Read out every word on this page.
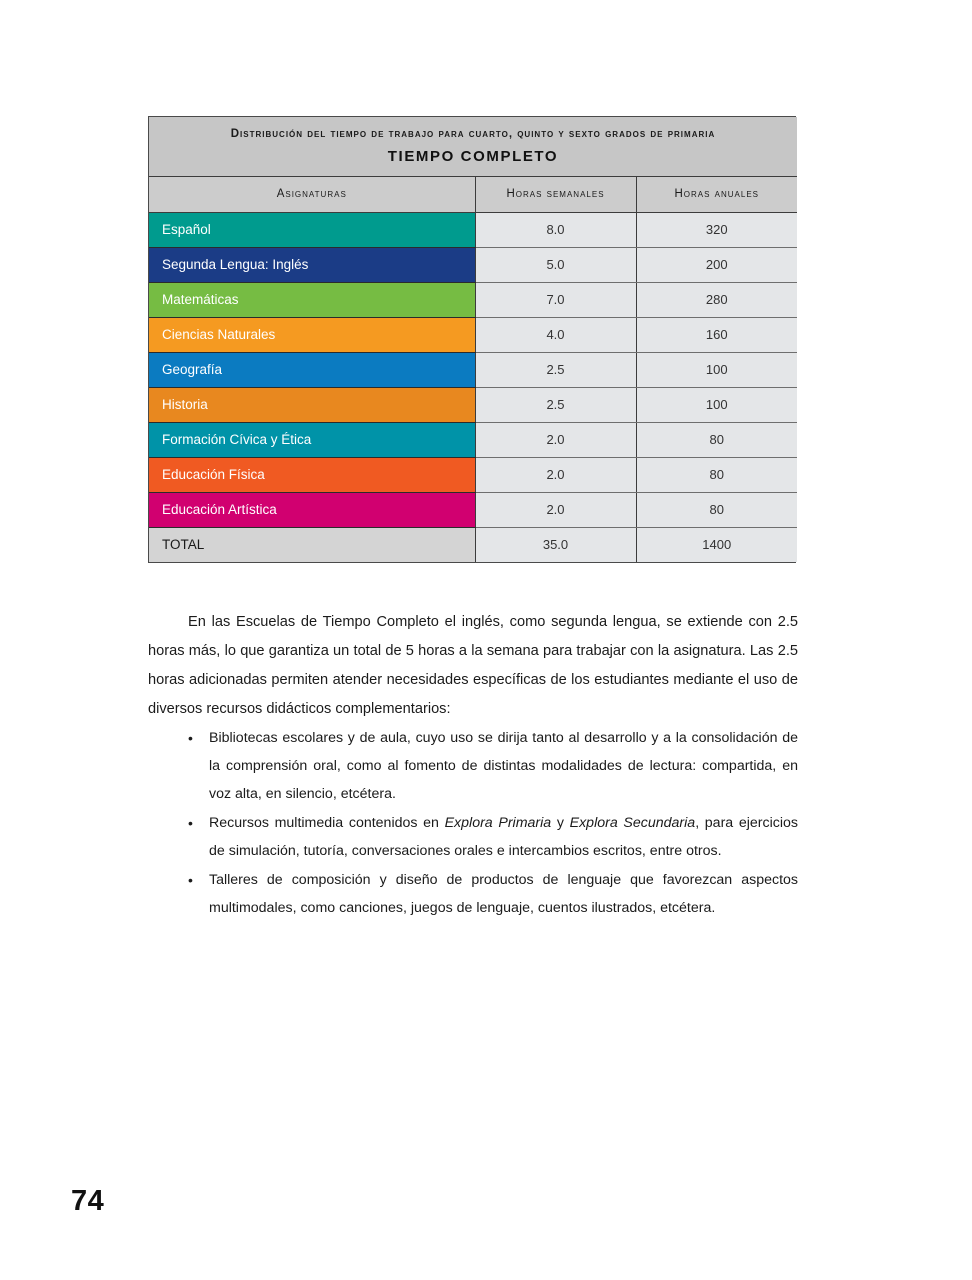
Distribución del tiempo de trabajo para cuarto, quinto y sexto grados de primaria
TIEMPO COMPLETO		

Asignaturas	Horas semanales	Horas anuales
Español	8.0	320
Segunda Lengua: Inglés	5.0	200
Matemáticas	7.0	280
Ciencias Naturales	4.0	160
Geografía	2.5	100
Historia	2.5	100
Formación Cívica y Ética	2.0	80
Educación Física	2.0	80
Educación Artística	2.0	80
TOTAL	35.0	1400

En las Escuelas de Tiempo Completo el inglés, como segunda lengua, se extiende con 2.5 horas más, lo que garantiza un total de 5 horas a la semana para trabajar con la asignatura. Las 2.5 horas adicionadas permiten atender necesidades específicas de los estudiantes mediante el uso de diversos recursos didácticos complementarios:

• Bibliotecas escolares y de aula, cuyo uso se dirija tanto al desarrollo y a la consolidación de la comprensión oral, como al fomento de distintas modalidades de lectura: compartida, en voz alta, en silencio, etcétera.
• Recursos multimedia contenidos en Explora Primaria y Explora Secundaria, para ejercicios de simulación, tutoría, conversaciones orales e intercambios escritos, entre otros.
• Talleres de composición y diseño de productos de lenguaje que favorezcan aspectos multimodales, como canciones, juegos de lenguaje, cuentos ilustrados, etcétera.
74
